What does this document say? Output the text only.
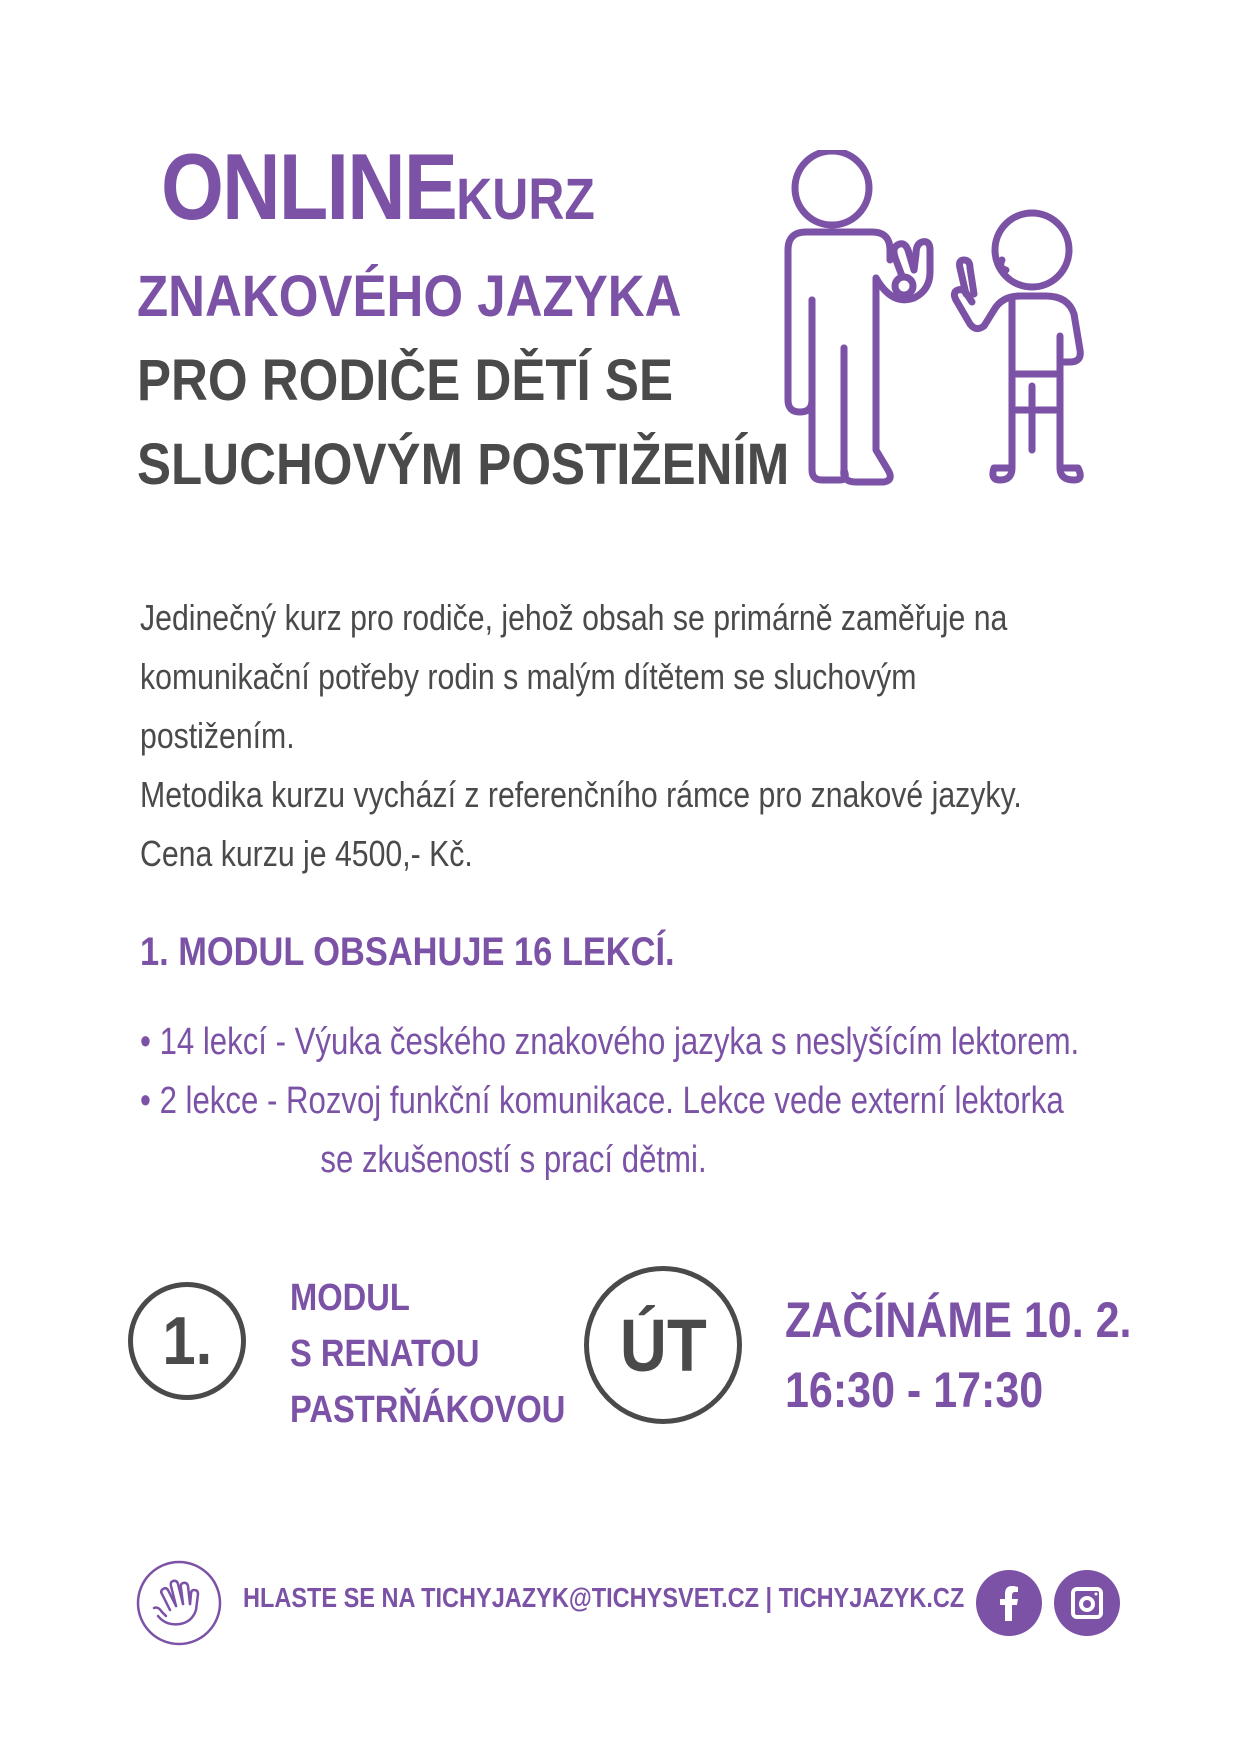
ONLINE KURZ
ZNAKOVÉHO JAZYKA
PRO RODIČE DĚTÍ SE
SLUCHOVÝM POSTIŽENÍM

Jedinečný kurz pro rodiče, jehož obsah se primárně zaměřuje na

komunikační potřeby rodin s malým dítětem se sluchovým

postižením.

Metodika kurzu vychází z referenčního rámce pro znakové jazyky.

Cena kurzu je 4500,- Kč.

1. MODUL OBSAHUJE 16 LEKCÍ.
• 14 lekcí - Výuka českého znakového jazyka s neslyšícím lektorem.
• 2 lekce - Rozvoj funkční komunikace. Lekce vede externí lektorka
se zkušeností s prací dětmi.
1.
MODUL
S RENATOU
PASTRŇÁKOVOU
ÚT ZAČÍNÁME 10. 2.
16:30 - 17:30
HLASTE SE NA TICHYJAZYK@TICHYSVET.CZ | TICHYJAZYK.CZ
